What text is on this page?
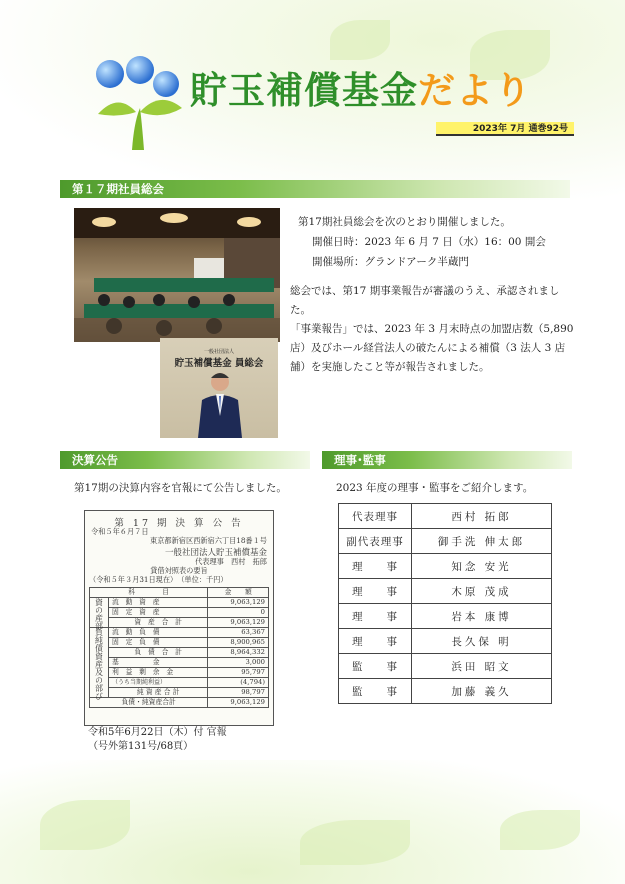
貯玉補償基金だより
2023年 7月 通巻92号
第１７期社員総会
一般社団法人
貯玉補償基金 員総会
第17期社員総会を次のとおり開催しました。
開催日時：2023 年 6 月 7 日（水）16：00 開会
開催場所：グランドアーク半蔵門
総会では、第17 期事業報告が審議のうえ、承認されました。
「事業報告」では、2023 年 3 月末時点の加盟店数（5,890 店）及びホール経営法人の破たんによる補償（3 法人 3 店舗）を実施したこと等が報告されました。
決算公告
第17期の決算内容を官報にて公告しました。
第 17 期 決 算 公 告
令和５年６月７日
東京都新宿区西新宿六丁目18番１号
一般社団法人貯玉補償基金
代表理事　西村　拓郎
貸借対照表の要旨
（令和５年３月31日現在）　（単位：千円）
科　　　　目		金　　額
資の産部	流　動　資　産	9,063,129
	固　定　資　産	0
	資　産　合　計	9,063,129
負純債資産及の部び	流　動　負　債	63,367
	固　定　負　債	8,900,965
	負　債　合　計	8,964,332
	基　　　　　金	3,000
	利　益　剰　余　金	95,797
	（うち当期純利益）	(4,794)
	純 資 産 合 計	98,797
負債・純資産合計		9,063,129
令和5年6月22日（木）付 官報
（号外第131号/68頁）
理事･監事
2023 年度の理事・監事をご紹介します。
代表理事	西村 拓郎
副代表理事	御手洗 伸太郎
理　　事	知念 安光
理　　事	木原 茂成
理　　事	岩本 康博
理　　事	長久保 明
監　　事	浜田 昭文
監　　事	加藤 義久
